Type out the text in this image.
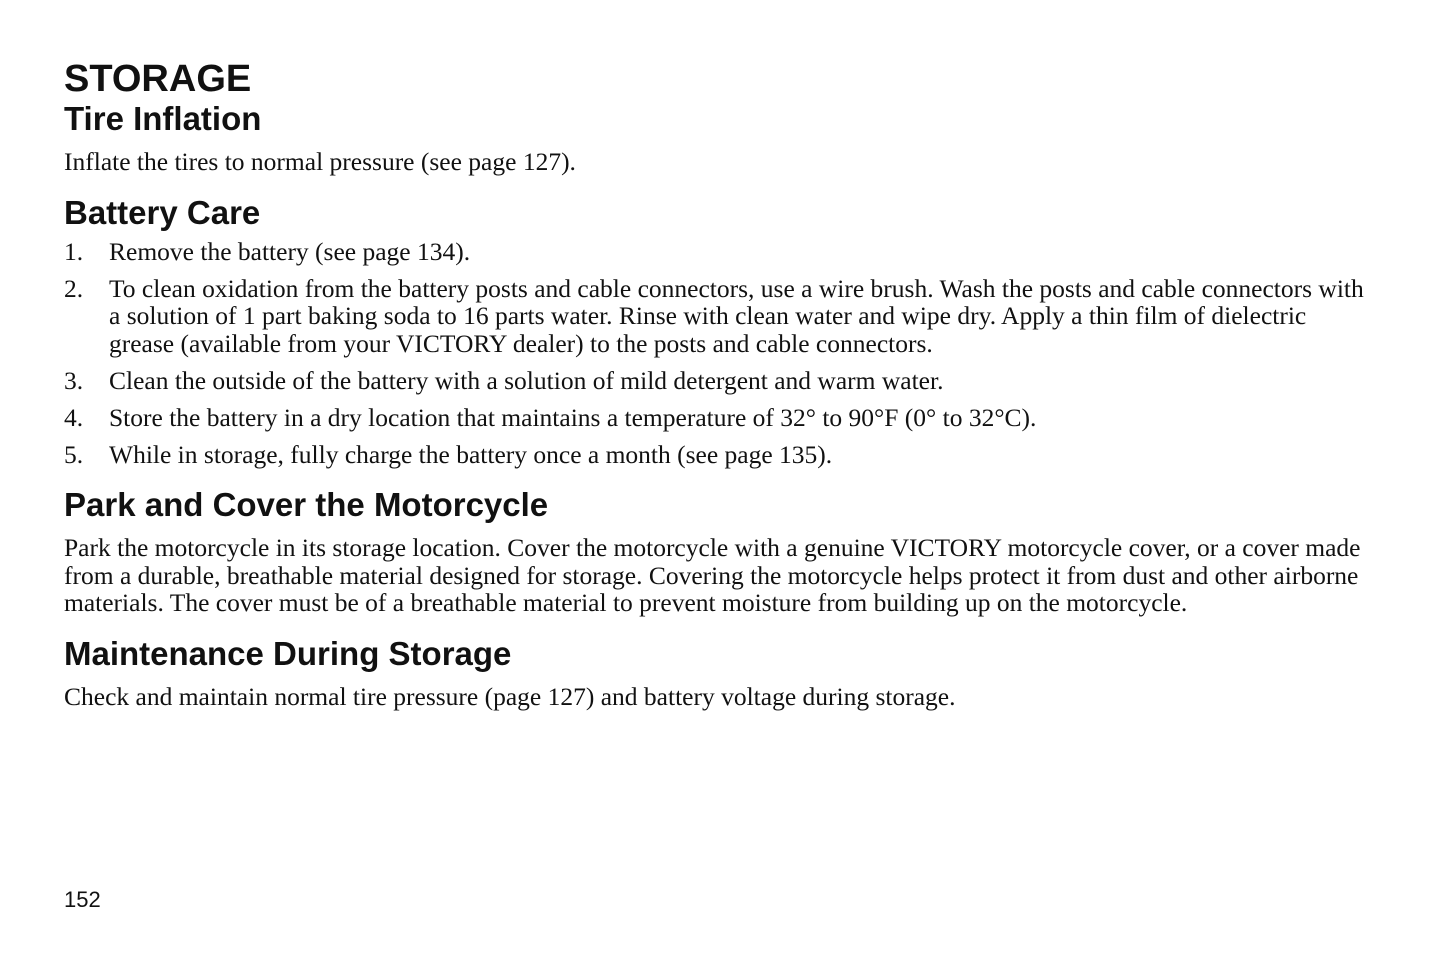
STORAGE
Tire Inflation

Inflate the tires to normal pressure (see page 127).

Battery Care
1.	Remove the battery (see page 134).
2.	To clean oxidation from the battery posts and cable connectors, use a wire brush. Wash the posts and cable connectors with a solution of 1 part baking soda to 16 parts water. Rinse with clean water and wipe dry. Apply a thin film of dielectric grease (available from your VICTORY dealer) to the posts and cable connectors.
3.	Clean the outside of the battery with a solution of mild detergent and warm water.
4.	Store the battery in a dry location that maintains a temperature of 32° to 90°F (0° to 32°C).
5.	While in storage, fully charge the battery once a month (see page 135).
Park and Cover the Motorcycle

Park the motorcycle in its storage location. Cover the motorcycle with a genuine VICTORY motorcycle cover, or a cover made from a durable, breathable material designed for storage. Covering the motorcycle helps protect it from dust and other airborne materials. The cover must be of a breathable material to prevent moisture from building up on the motorcycle.

Maintenance During Storage

Check and maintain normal tire pressure (page 127) and battery voltage during storage.

152
